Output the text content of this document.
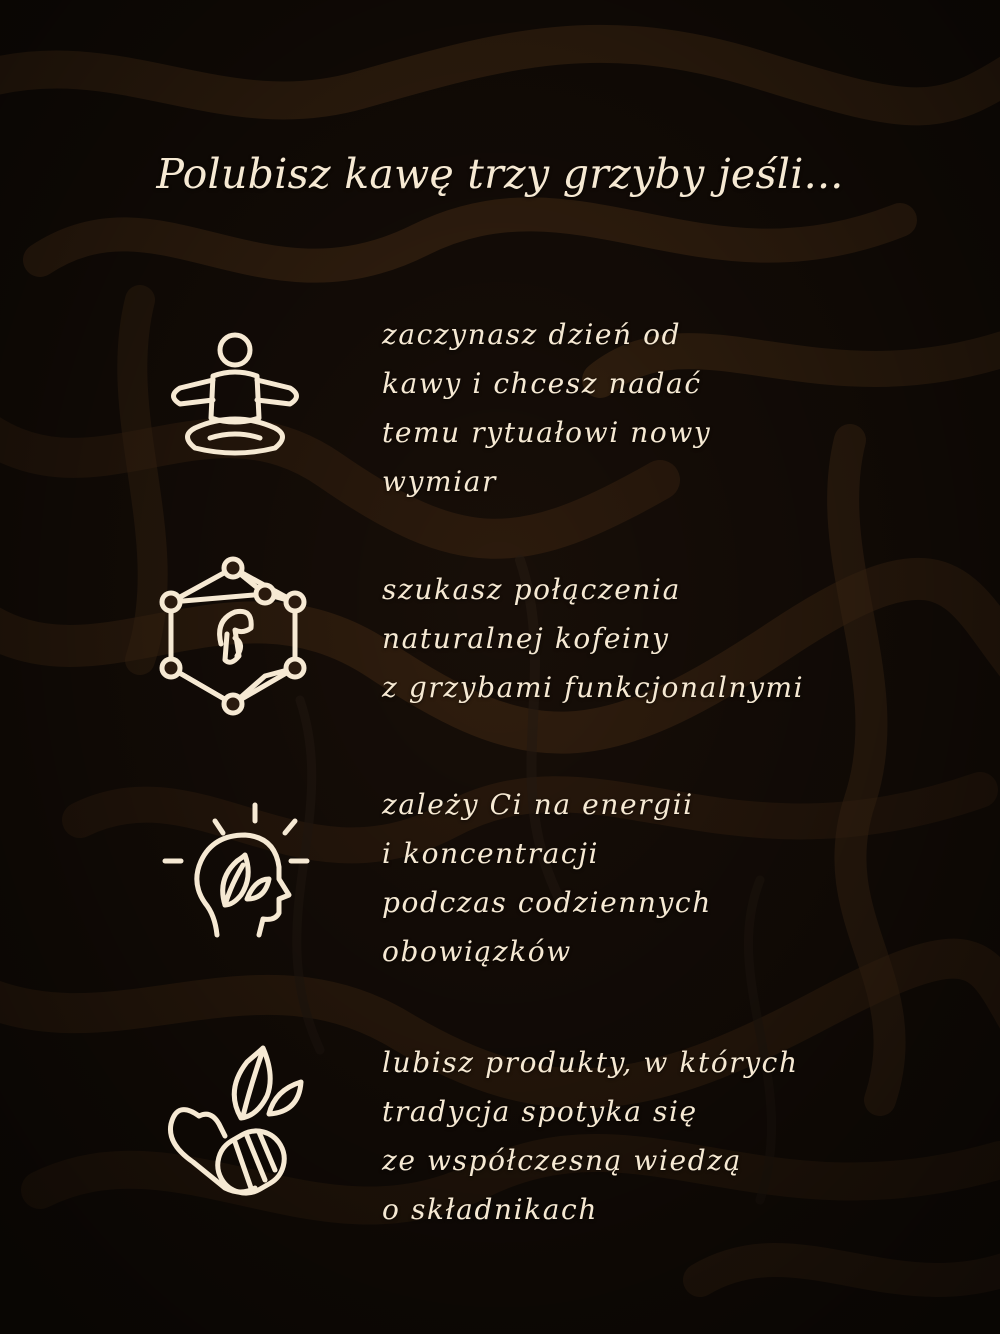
Polubisz kawę trzy grzyby jeśli...
zaczynasz dzień od
kawy i chcesz nadać
temu rytuałowi nowy
wymiar
szukasz połączenia
naturalnej kofeiny
z grzybami funkcjonalnymi
zależy Ci na energii
i koncentracji
podczas codziennych
obowiązków
lubisz produkty, w których
tradycja spotyka się
ze współczesną wiedzą
o składnikach
